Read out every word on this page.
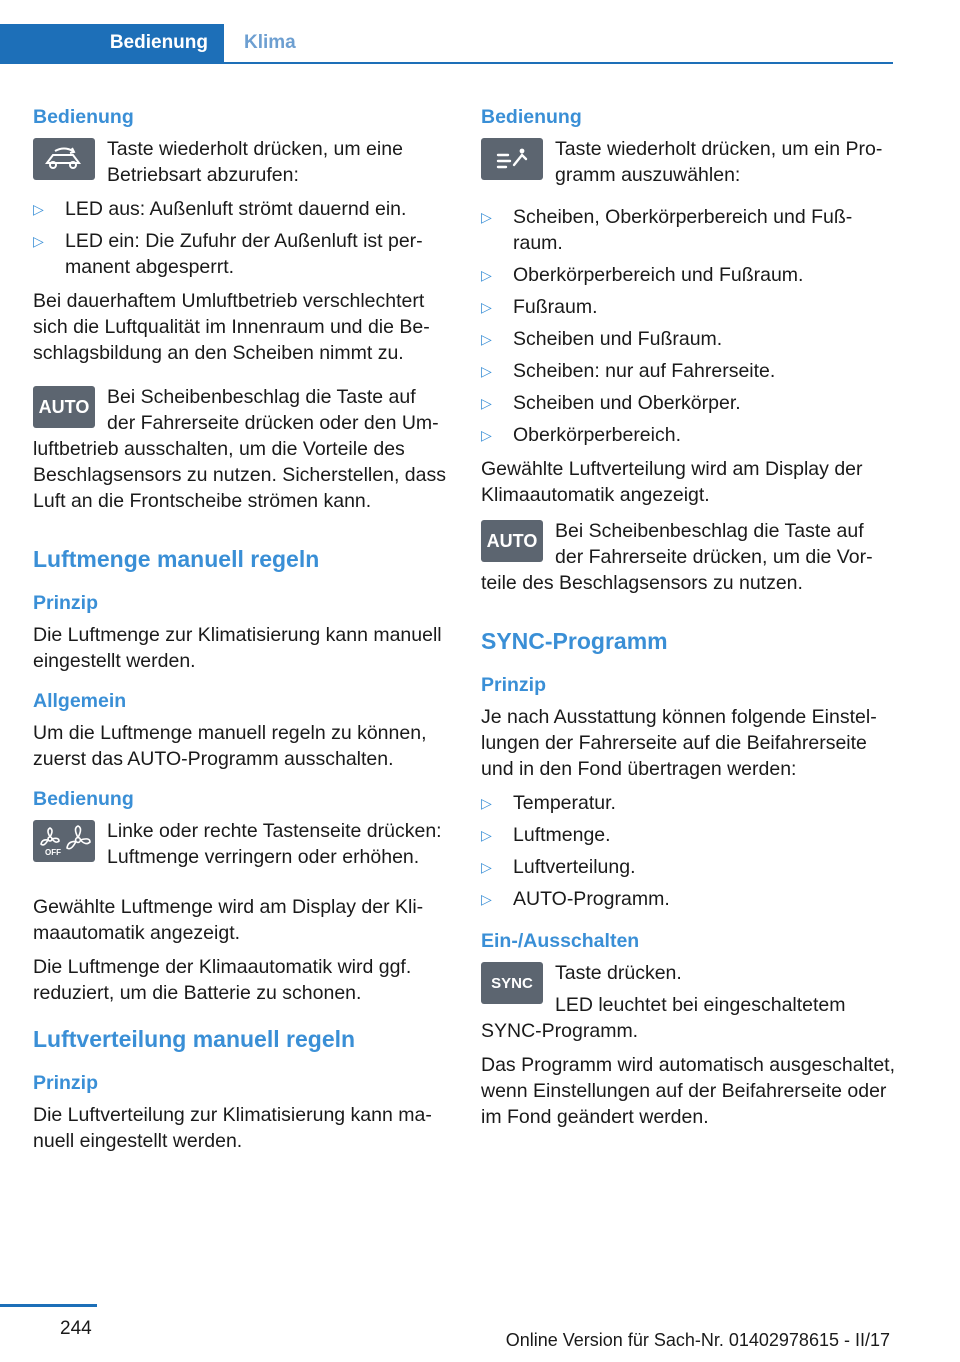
Bedienung	Klima
Bedienung

Taste wiederholt drücken, um eine Betriebsart abzurufen:

▷ LED aus: Außenluft strömt dauernd ein.
▷ LED ein: Die Zufuhr der Außenluft ist permanent abgesperrt.

Bei dauerhaftem Umluftbetrieb verschlechtert sich die Luftqualität im Innenraum und die Beschlagsbildung an den Scheiben nimmt zu.

AUTO Bei Scheibenbeschlag die Taste auf der Fahrerseite drücken oder den Umluftbetrieb ausschalten, um die Vorteile des Beschlagsensors zu nutzen. Sicherstellen, dass Luft an die Frontscheibe strömen kann.

Luftmenge manuell regeln
Prinzip

Die Luftmenge zur Klimatisierung kann manuell eingestellt werden.

Allgemein

Um die Luftmenge manuell regeln zu können, zuerst das AUTO-Programm ausschalten.

Bedienung
OFF

Linke oder rechte Tastenseite drücken: Luftmenge verringern oder erhöhen.

Gewählte Luftmenge wird am Display der Klimaautomatik angezeigt.

Die Luftmenge der Klimaautomatik wird ggf. reduziert, um die Batterie zu schonen.

Luftverteilung manuell regeln
Prinzip

Die Luftverteilung zur Klimatisierung kann manuell eingestellt werden.

Bedienung

Taste wiederholt drücken, um ein Programm auszuwählen:

▷ Scheiben, Oberkörperbereich und Fußraum.
▷ Oberkörperbereich und Fußraum.
▷ Fußraum.
▷ Scheiben und Fußraum.
▷ Scheiben: nur auf Fahrerseite.
▷ Scheiben und Oberkörper.
▷ Oberkörperbereich.

Gewählte Luftverteilung wird am Display der Klimaautomatik angezeigt.

AUTO Bei Scheibenbeschlag die Taste auf der Fahrerseite drücken, um die Vorteile des Beschlagsensors zu nutzen.

SYNC-Programm
Prinzip

Je nach Ausstattung können folgende Einstellungen der Fahrerseite auf die Beifahrerseite und in den Fond übertragen werden:

▷ Temperatur.
▷ Luftmenge.
▷ Luftverteilung.
▷ AUTO-Programm.
Ein-/Ausschalten
SYNC	Taste drücken.

LED leuchtet bei eingeschaltetem SYNC-Programm.

Das Programm wird automatisch ausgeschaltet, wenn Einstellungen auf der Beifahrerseite oder im Fond geändert werden.

244
Online Version für Sach-Nr. 01402978615 - II/17
